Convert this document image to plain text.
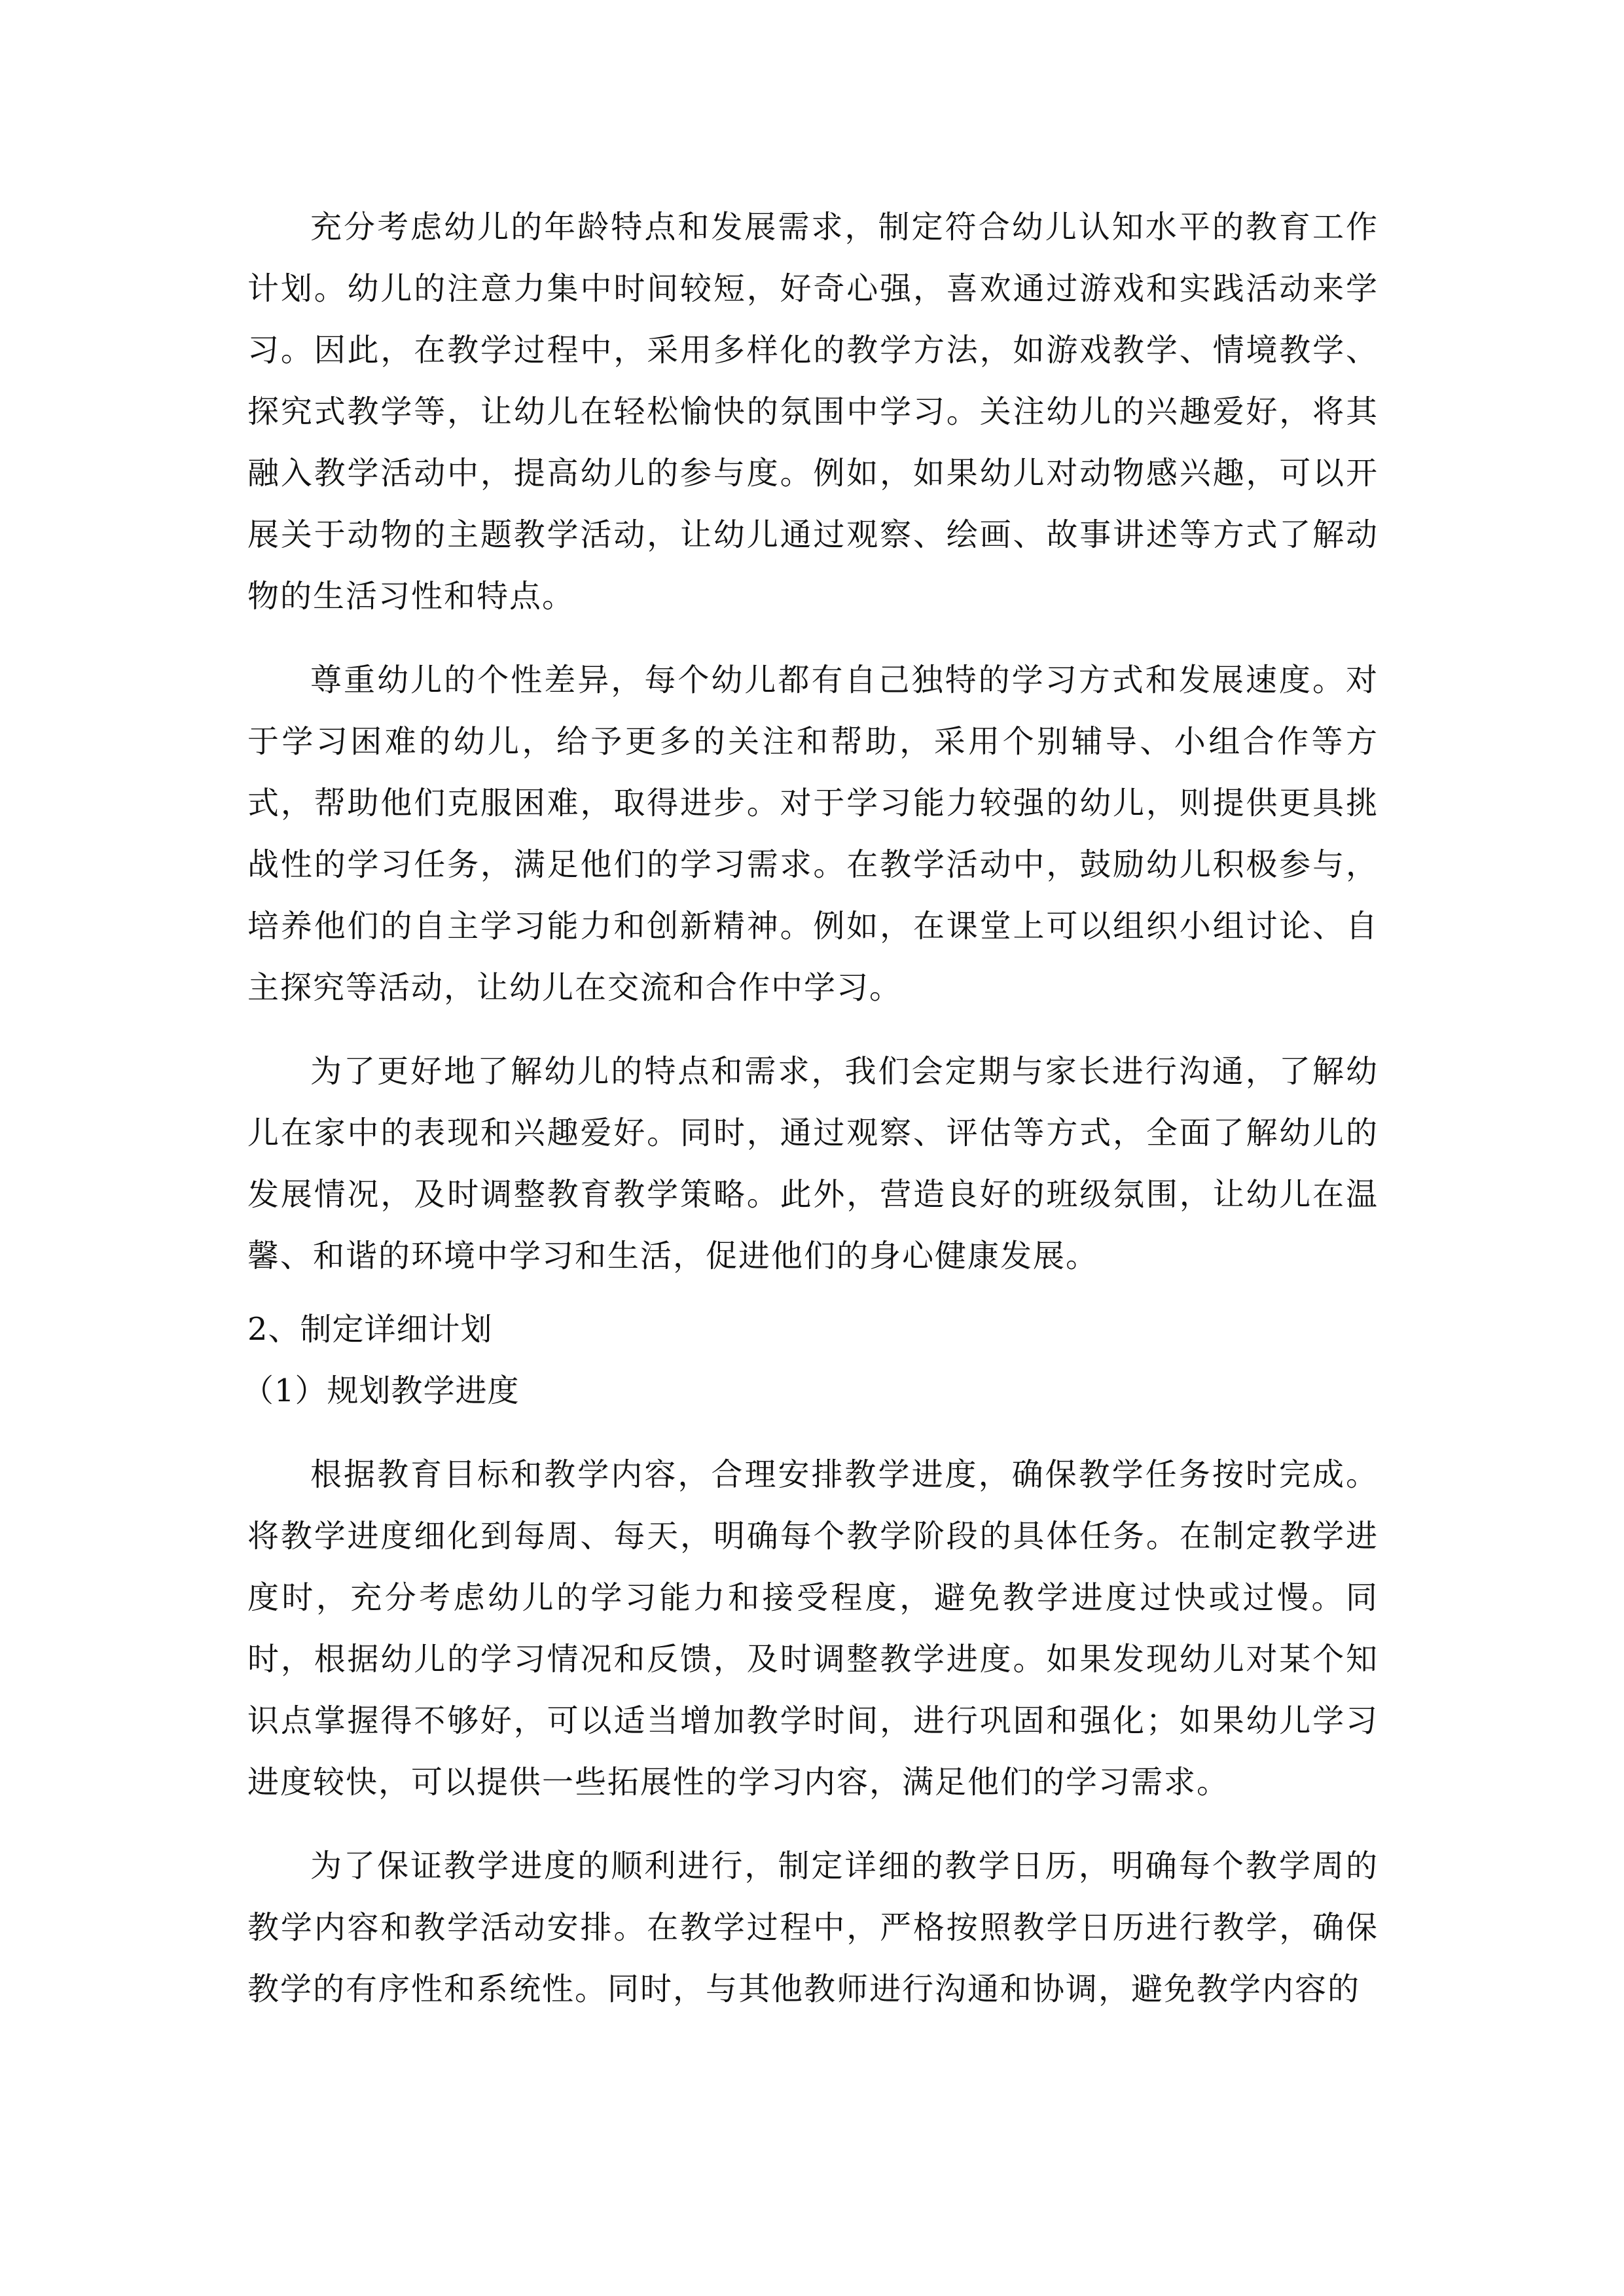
充分考虑幼儿的年龄特点和发展需求，制定符合幼儿认知水平的教育工作计划。幼儿的注意力集中时间较短，好奇心强，喜欢通过游戏和实践活动来学习。因此，在教学过程中，采用多样化的教学方法，如游戏教学、情境教学、探究式教学等，让幼儿在轻松愉快的氛围中学习。关注幼儿的兴趣爱好，将其融入教学活动中，提高幼儿的参与度。例如，如果幼儿对动物感兴趣，可以开展关于动物的主题教学活动，让幼儿通过观察、绘画、故事讲述等方式了解动物的生活习性和特点。

尊重幼儿的个性差异，每个幼儿都有自己独特的学习方式和发展速度。对于学习困难的幼儿，给予更多的关注和帮助，采用个别辅导、小组合作等方式，帮助他们克服困难，取得进步。对于学习能力较强的幼儿，则提供更具挑战性的学习任务，满足他们的学习需求。在教学活动中，鼓励幼儿积极参与，培养他们的自主学习能力和创新精神。例如，在课堂上可以组织小组讨论、自主探究等活动，让幼儿在交流和合作中学习。

为了更好地了解幼儿的特点和需求，我们会定期与家长进行沟通，了解幼儿在家中的表现和兴趣爱好。同时，通过观察、评估等方式，全面了解幼儿的发展情况，及时调整教育教学策略。此外，营造良好的班级氛围，让幼儿在温馨、和谐的环境中学习和生活，促进他们的身心健康发展。

2、制定详细计划
（1）规划教学进度

根据教育目标和教学内容，合理安排教学进度，确保教学任务按时完成。将教学进度细化到每周、每天，明确每个教学阶段的具体任务。在制定教学进度时，充分考虑幼儿的学习能力和接受程度，避免教学进度过快或过慢。同时，根据幼儿的学习情况和反馈，及时调整教学进度。如果发现幼儿对某个知识点掌握得不够好，可以适当增加教学时间，进行巩固和强化；如果幼儿学习进度较快，可以提供一些拓展性的学习内容，满足他们的学习需求。

为了保证教学进度的顺利进行，制定详细的教学日历，明确每个教学周的教学内容和教学活动安排。在教学过程中，严格按照教学日历进行教学，确保教学的有序性和系统性。同时，与其他教师进行沟通和协调，避免教学内容的
